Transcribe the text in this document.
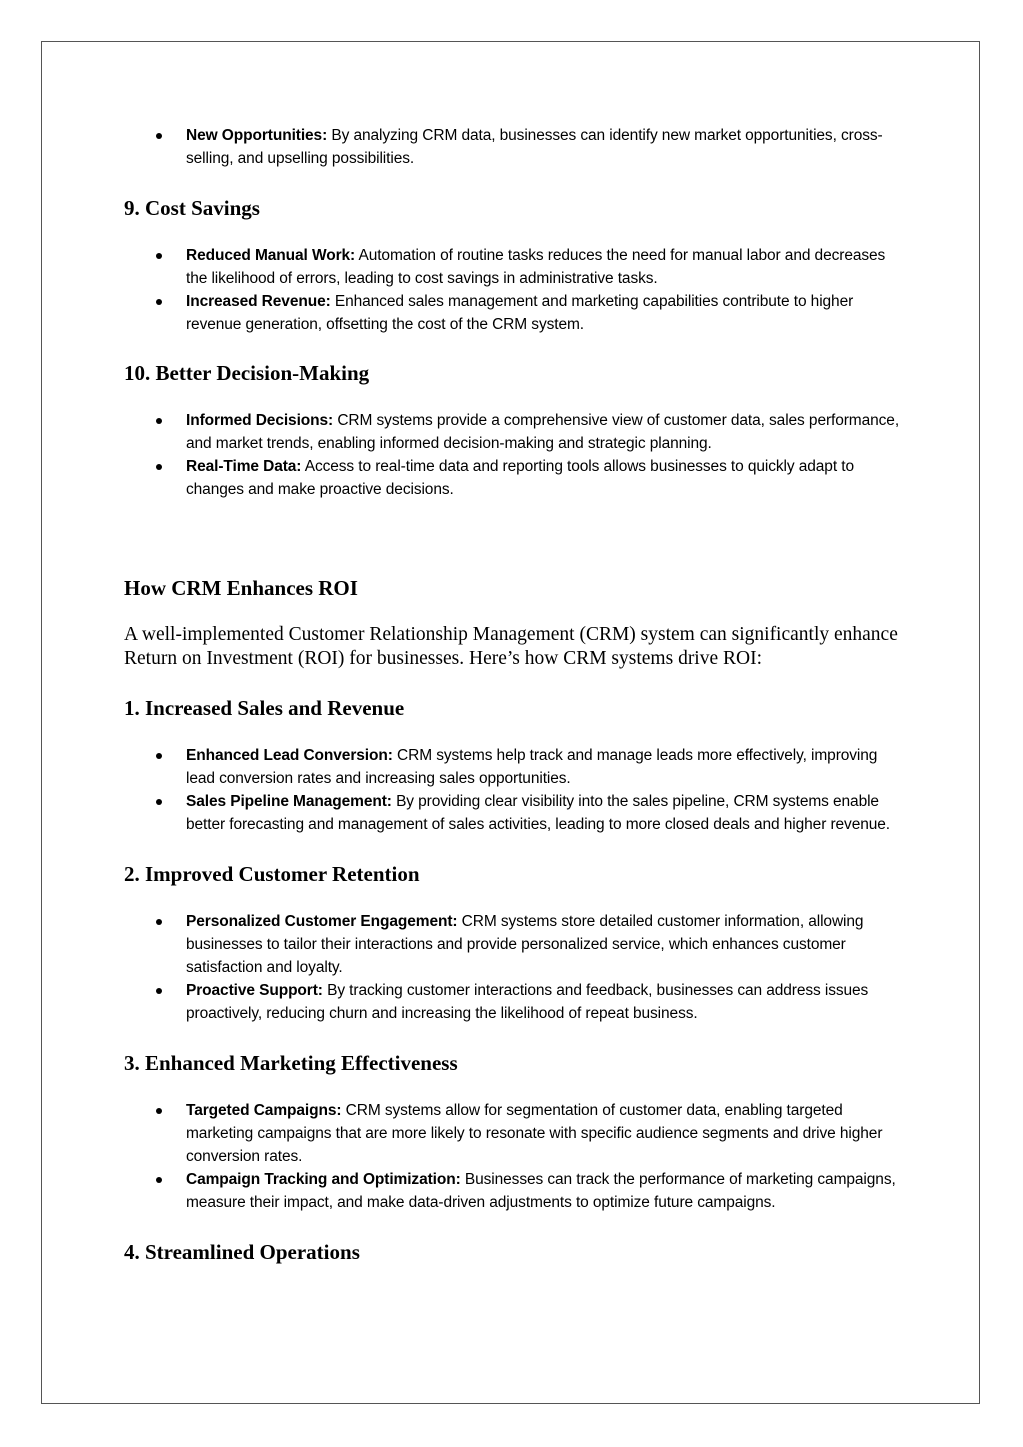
New Opportunities: By analyzing CRM data, businesses can identify new market opportunities, cross-selling, and upselling possibilities.
9. Cost Savings
Reduced Manual Work: Automation of routine tasks reduces the need for manual labor and decreases the likelihood of errors, leading to cost savings in administrative tasks.
Increased Revenue: Enhanced sales management and marketing capabilities contribute to higher revenue generation, offsetting the cost of the CRM system.
10. Better Decision-Making
Informed Decisions: CRM systems provide a comprehensive view of customer data, sales performance, and market trends, enabling informed decision-making and strategic planning.
Real-Time Data: Access to real-time data and reporting tools allows businesses to quickly adapt to changes and make proactive decisions.
How CRM Enhances ROI

A well-implemented Customer Relationship Management (CRM) system can significantly enhance Return on Investment (ROI) for businesses. Here’s how CRM systems drive ROI:

1. Increased Sales and Revenue
Enhanced Lead Conversion: CRM systems help track and manage leads more effectively, improving lead conversion rates and increasing sales opportunities.
Sales Pipeline Management: By providing clear visibility into the sales pipeline, CRM systems enable better forecasting and management of sales activities, leading to more closed deals and higher revenue.
2. Improved Customer Retention
Personalized Customer Engagement: CRM systems store detailed customer information, allowing businesses to tailor their interactions and provide personalized service, which enhances customer satisfaction and loyalty.
Proactive Support: By tracking customer interactions and feedback, businesses can address issues proactively, reducing churn and increasing the likelihood of repeat business.
3. Enhanced Marketing Effectiveness
Targeted Campaigns: CRM systems allow for segmentation of customer data, enabling targeted marketing campaigns that are more likely to resonate with specific audience segments and drive higher conversion rates.
Campaign Tracking and Optimization: Businesses can track the performance of marketing campaigns, measure their impact, and make data-driven adjustments to optimize future campaigns.
4. Streamlined Operations
